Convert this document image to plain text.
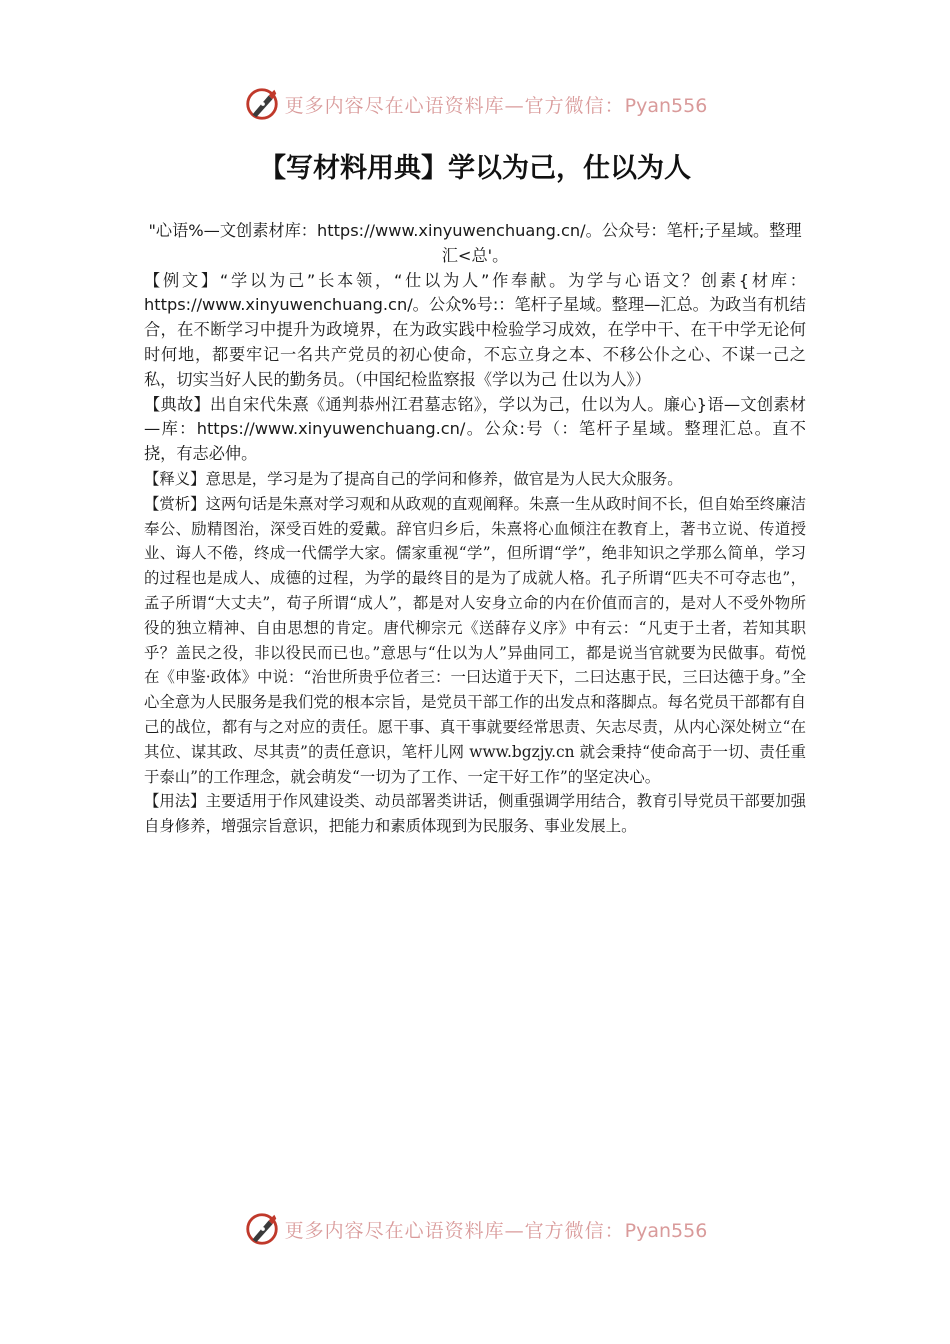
更多内容尽在心语资料库—官方微信：Pyan556
【写材料用典】学以为己，仕以为人

"心语%—文创素材库：https://www.xinyuwenchuang.cn/。公众号：笔杆;子星域。整理汇<总'。

【例文】“学以为己”长本领，“仕以为人”作奉献。为学与心语文？创素{材库：https://www.xinyuwenchuang.cn/。公众%号:：笔杆子星域。整理—汇总。为政当有机结合，在不断学习中提升为政境界，在为政实践中检验学习成效，在学中干、在干中学无论何时何地，都要牢记一名共产党员的初心使命，不忘立身之本、不移公仆之心、不谋一己之私，切实当好人民的勤务员。（中国纪检监察报《学以为己 仕以为人》）

【典故】出自宋代朱熹《通判恭州江君墓志铭》，学以为己，仕以为人。廉心}语—文创素材—库：https://www.xinyuwenchuang.cn/。公众:号（：笔杆子星域。整理汇总。直不挠，有志必伸。

【释义】意思是，学习是为了提高自己的学问和修养，做官是为人民大众服务。

【赏析】这两句话是朱熹对学习观和从政观的直观阐释。朱熹一生从政时间不长，但自始至终廉洁奉公、励精图治，深受百姓的爱戴。辞官归乡后，朱熹将心血倾注在教育上，著书立说、传道授业、诲人不倦，终成一代儒学大家。儒家重视“学”，但所谓“学”，绝非知识之学那么简单，学习的过程也是成人、成德的过程，为学的最终目的是为了成就人格。孔子所谓“匹夫不可夺志也”，孟子所谓“大丈夫”，荀子所谓“成人”，都是对人安身立命的内在价值而言的，是对人不受外物所役的独立精神、自由思想的肯定。唐代柳宗元《送薛存义序》中有云：“凡吏于土者，若知其职乎？盖民之役，非以役民而已也。”意思与“仕以为人”异曲同工，都是说当官就要为民做事。荀悦在《申鉴·政体》中说：“治世所贵乎位者三：一曰达道于天下，二曰达惠于民，三曰达德于身。”全心全意为人民服务是我们党的根本宗旨，是党员干部工作的出发点和落脚点。每名党员干部都有自己的战位，都有与之对应的责任。愿干事、真干事就要经常思责、矢志尽责，从内心深处树立“在其位、谋其政、尽其责”的责任意识，笔杆儿网 www.bgzjy.cn 就会秉持“使命高于一切、责任重于泰山”的工作理念，就会萌发“一切为了工作、一定干好工作”的坚定决心。

【用法】主要适用于作风建设类、动员部署类讲话，侧重强调学用结合，教育引导党员干部要加强自身修养，增强宗旨意识，把能力和素质体现到为民服务、事业发展上。

更多内容尽在心语资料库—官方微信：Pyan556
